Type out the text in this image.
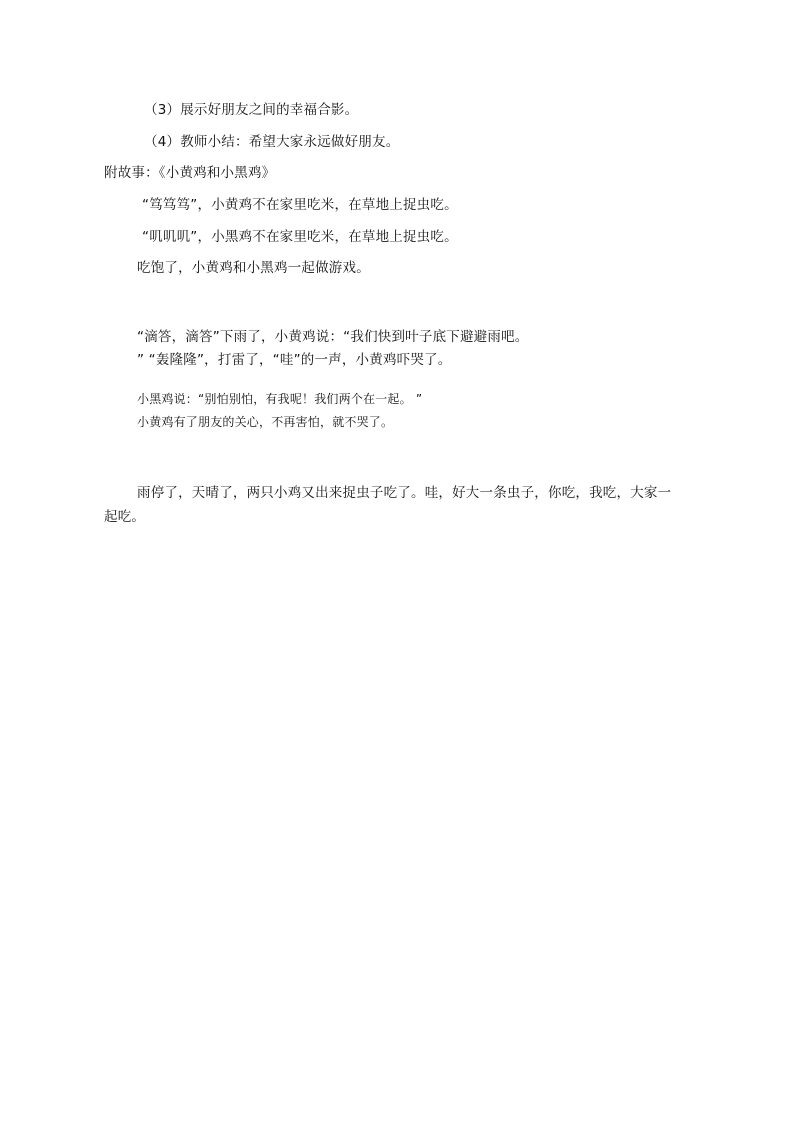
（3）展示好朋友之间的幸福合影。
（4）教师小结：希望大家永远做好朋友。
附故事：《小黄鸡和小黑鸡》
“笃笃笃”，小黄鸡不在家里吃米，在草地上捉虫吃。
“叽叽叽”，小黑鸡不在家里吃米，在草地上捉虫吃。
吃饱了，小黄鸡和小黑鸡一起做游戏。
“滴答，滴答”下雨了，小黄鸡说：“我们快到叶子底下避避雨吧。
” “轰隆隆”，打雷了，“哇”的一声，小黄鸡吓哭了。
小黑鸡说：“别怕别怕，有我呢！我们两个在一起。 ”
小黄鸡有了朋友的关心，不再害怕，就不哭了。
雨停了，天晴了，两只小鸡又出来捉虫子吃了。哇，好大一条虫子，你吃，我吃，大家一
起吃。
